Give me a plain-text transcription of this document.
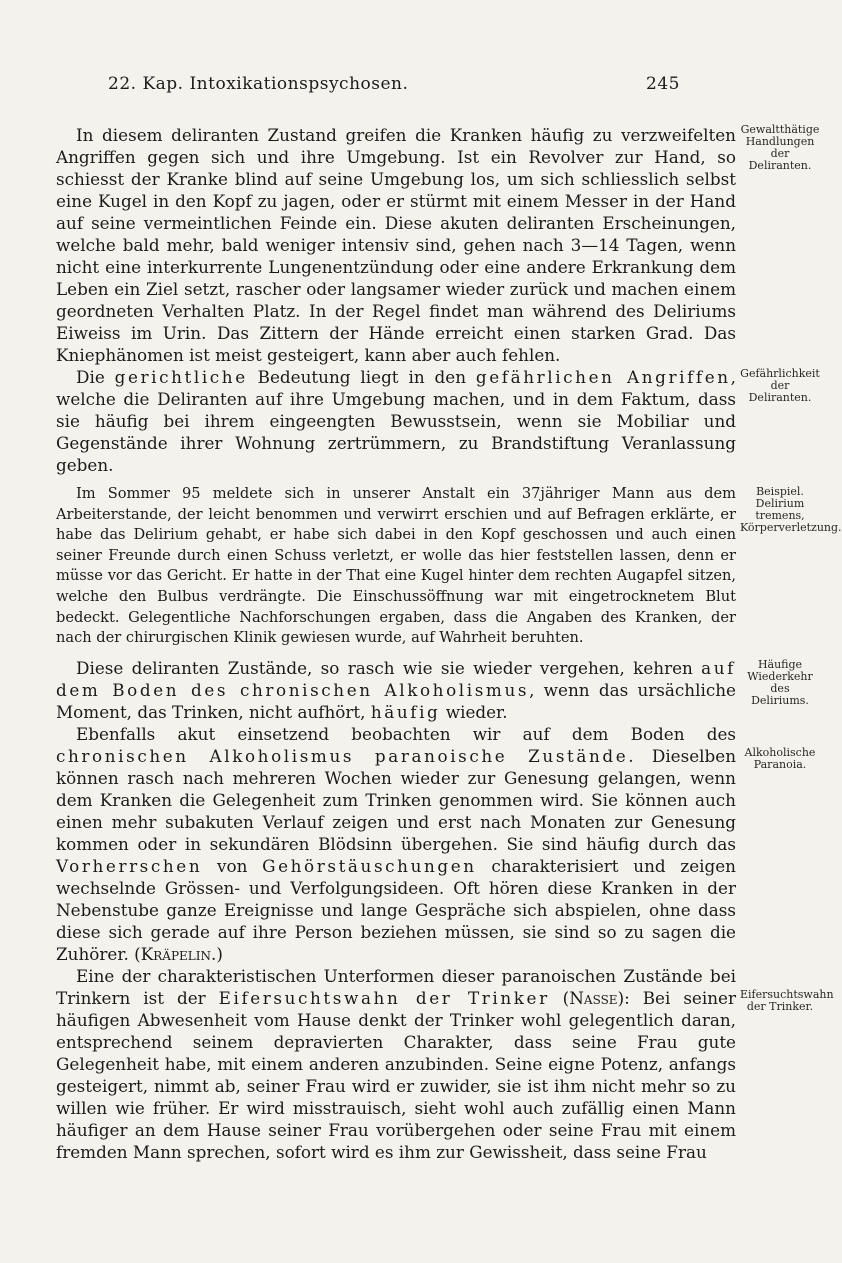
22. Kap. Intoxikationspsychosen.	245
In diesem deliranten Zustand greifen die Kranken häufig zu verzweifelten Angriffen gegen sich und ihre Umgebung. Ist ein Revolver zur Hand, so schiesst der Kranke blind auf seine Umgebung los, um sich schliesslich selbst eine Kugel in den Kopf zu jagen, oder er stürmt mit einem Messer in der Hand auf seine vermeintlichen Feinde ein. Diese akuten deliranten Erscheinungen, welche bald mehr, bald weniger intensiv sind, gehen nach 3—14 Tagen, wenn nicht eine interkurrente Lungenentzündung oder eine andere Erkrankung dem Leben ein Ziel setzt, rascher oder langsamer wieder zurück und machen einem geordneten Verhalten Platz. In der Regel findet man während des Deliriums Eiweiss im Urin. Das Zittern der Hände erreicht einen starken Grad. Das Kniephänomen ist meist gesteigert, kann aber auch fehlen.
Gewaltthätige Handlungen der Deliranten.
Die gerichtliche Bedeutung liegt in den gefährlichen Angriffen, welche die Deliranten auf ihre Umgebung machen, und in dem Faktum, dass sie häufig bei ihrem eingeengten Bewusstsein, wenn sie Mobiliar und Gegenstände ihrer Wohnung zertrümmern, zu Brandstiftung Veranlassung geben.
Gefährlichkeit der Deliranten.
Im Sommer 95 meldete sich in unserer Anstalt ein 37jähriger Mann aus dem Arbeiterstande, der leicht benommen und verwirrt erschien und auf Befragen erklärte, er habe das Delirium gehabt, er habe sich dabei in den Kopf geschossen und auch einen seiner Freunde durch einen Schuss verletzt, er wolle das hier feststellen lassen, denn er müsse vor das Gericht. Er hatte in der That eine Kugel hinter dem rechten Augapfel sitzen, welche den Bulbus verdrängte. Die Einschussöffnung war mit eingetrocknetem Blut bedeckt. Gelegentliche Nachforschungen ergaben, dass die Angaben des Kranken, der nach der chirurgischen Klinik gewiesen wurde, auf Wahrheit beruhten.
Beispiel. Delirium tremens, Körperverletzung.
Diese deliranten Zustände, so rasch wie sie wieder vergehen, kehren auf dem Boden des chronischen Alkoholismus, wenn das ursächliche Moment, das Trinken, nicht aufhört, häufig wieder.
Häufige Wiederkehr des Deliriums.
Ebenfalls akut einsetzend beobachten wir auf dem Boden des chronischen Alkoholismus paranoische Zustände. Dieselben können rasch nach mehreren Wochen wieder zur Genesung gelangen, wenn dem Kranken die Gelegenheit zum Trinken genommen wird. Sie können auch einen mehr subakuten Verlauf zeigen und erst nach Monaten zur Genesung kommen oder in sekundären Blödsinn übergehen. Sie sind häufig durch das Vorherrschen von Gehörstäuschungen charakterisiert und zeigen wechselnde Grössen- und Verfolgungsideen. Oft hören diese Kranken in der Nebenstube ganze Ereignisse und lange Gespräche sich abspielen, ohne dass diese sich gerade auf ihre Person beziehen müssen, sie sind so zu sagen die Zuhörer. (Kräpelin.)
Alkoholische Paranoia.
Eine der charakteristischen Unterformen dieser paranoischen Zustände bei Trinkern ist der Eifersuchtswahn der Trinker (Nasse): Bei seiner häufigen Abwesenheit vom Hause denkt der Trinker wohl gelegentlich daran, entsprechend seinem depravierten Charakter, dass seine Frau gute Gelegenheit habe, mit einem anderen anzubinden. Seine eigne Potenz, anfangs gesteigert, nimmt ab, seiner Frau wird er zuwider, sie ist ihm nicht mehr so zu willen wie früher. Er wird misstrauisch, sieht wohl auch zufällig einen Mann häufiger an dem Hause seiner Frau vorübergehen oder seine Frau mit einem fremden Mann sprechen, sofort wird es ihm zur Gewissheit, dass seine Frau
Eifersuchtswahn der Trinker.
